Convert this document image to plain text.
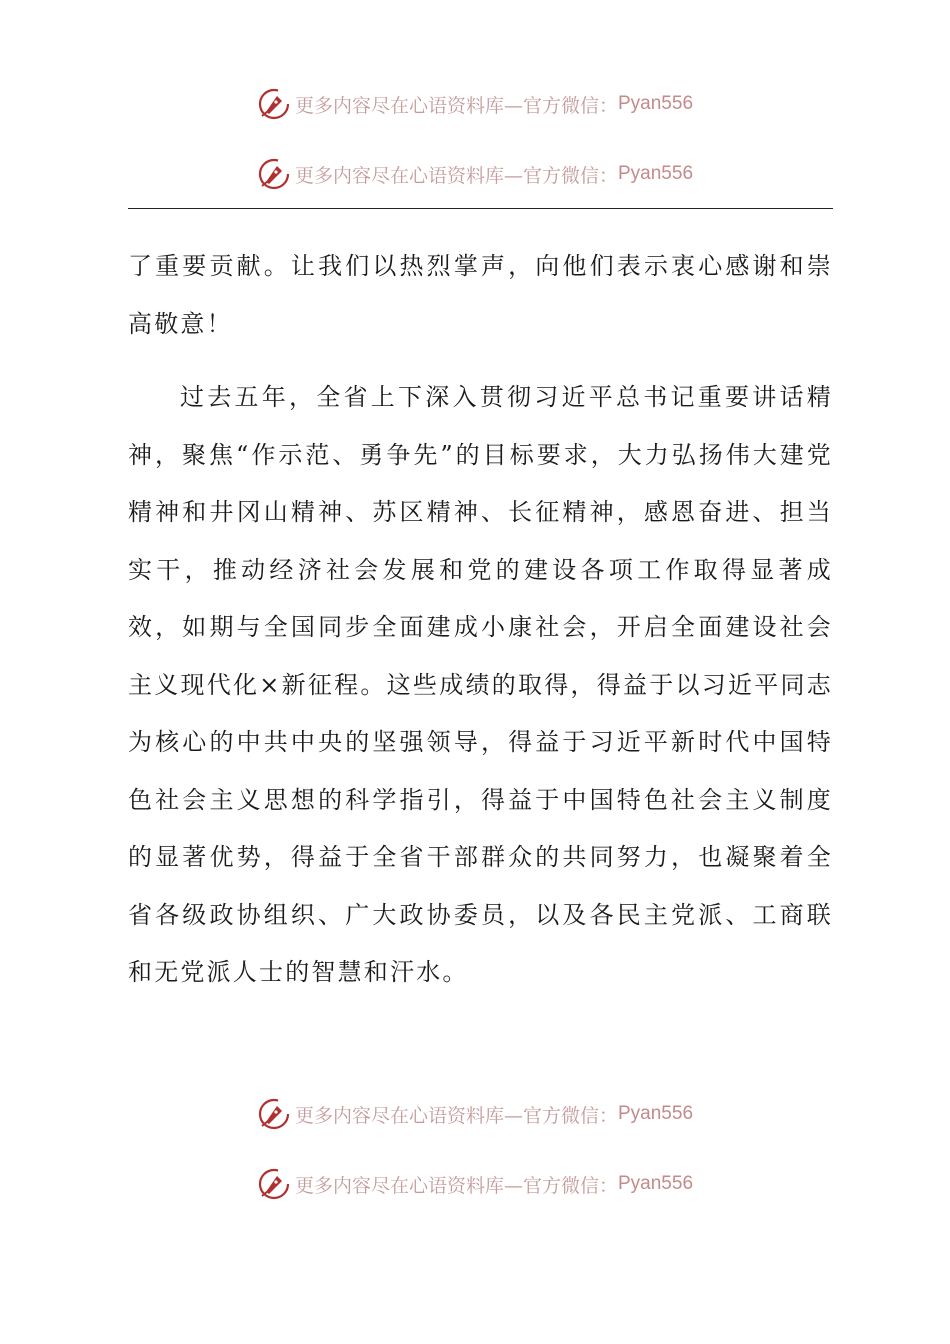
更多内容尽在心语资料库—官方微信： Pyan556
更多内容尽在心语资料库—官方微信： Pyan556

了重要贡献。让我们以热烈掌声，向他们表示衷心感谢和崇高敬意！

过去五年，全省上下深入贯彻习近平总书记重要讲话精神，聚焦“作示范、勇争先”的目标要求，大力弘扬伟大建党精神和井冈山精神、苏区精神、长征精神，感恩奋进、担当实干，推动经济社会发展和党的建设各项工作取得显著成效，如期与全国同步全面建成小康社会，开启全面建设社会主义现代化×新征程。这些成绩的取得，得益于以习近平同志为核心的中共中央的坚强领导，得益于习近平新时代中国特色社会主义思想的科学指引，得益于中国特色社会主义制度的显著优势，得益于全省干部群众的共同努力，也凝聚着全省各级政协组织、广大政协委员，以及各民主党派、工商联和无党派人士的智慧和汗水。

更多内容尽在心语资料库—官方微信： Pyan556
更多内容尽在心语资料库—官方微信： Pyan556
